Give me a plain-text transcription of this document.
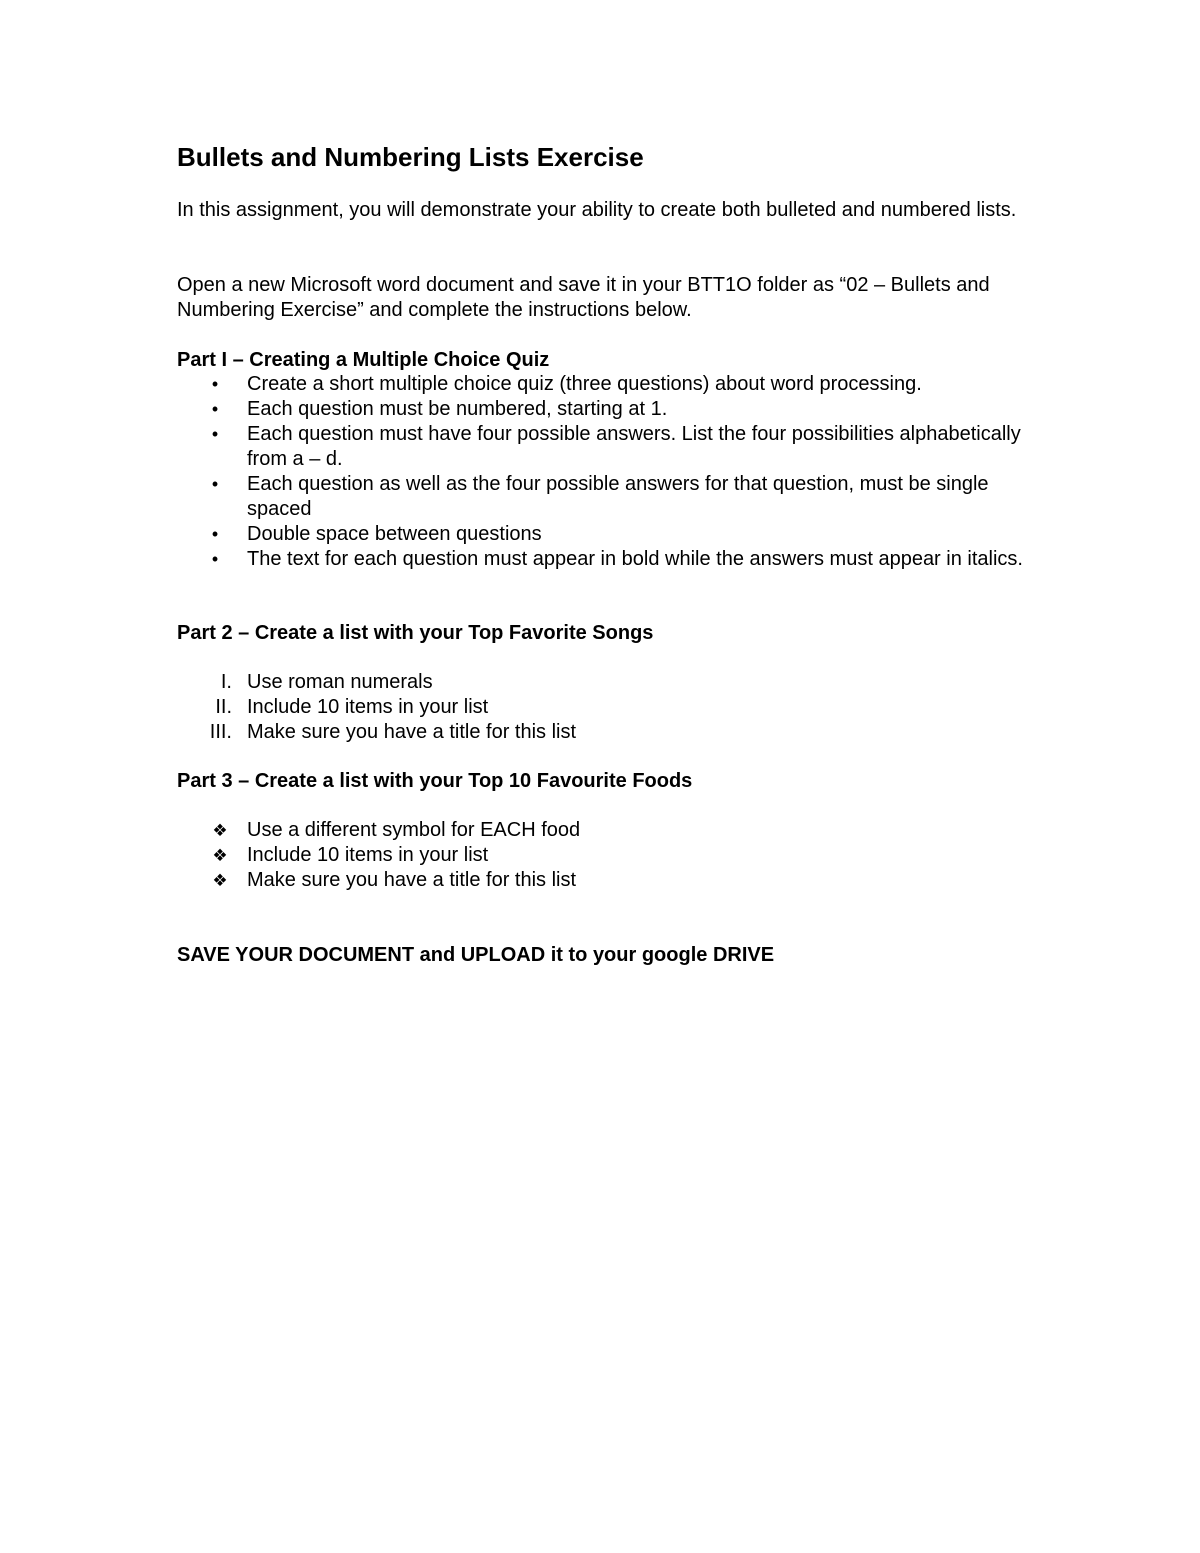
Bullets and Numbering Lists Exercise

In this assignment, you will demonstrate your ability to create both bulleted and numbered lists.

Open a new Microsoft word document and save it in your BTT1O folder as “02 – Bullets and Numbering Exercise” and complete the instructions below.

Part I – Creating a Multiple Choice Quiz
• Create a short multiple choice quiz (three questions) about word processing.
• Each question must be numbered, starting at 1.
• Each question must have four possible answers. List the four possibilities alphabetically from a – d.
• Each question as well as the four possible answers for that question, must be single spaced
• Double space between questions
• The text for each question must appear in bold while the answers must appear in italics.
Part 2 – Create a list with your Top Favorite Songs
I. Use roman numerals
II. Include 10 items in your list
III. Make sure you have a title for this list
Part 3 – Create a list with your Top 10 Favourite Foods
❖ Use a different symbol for EACH food
❖ Include 10 items in your list
❖ Make sure you have a title for this list

SAVE YOUR DOCUMENT and UPLOAD it to your google DRIVE
